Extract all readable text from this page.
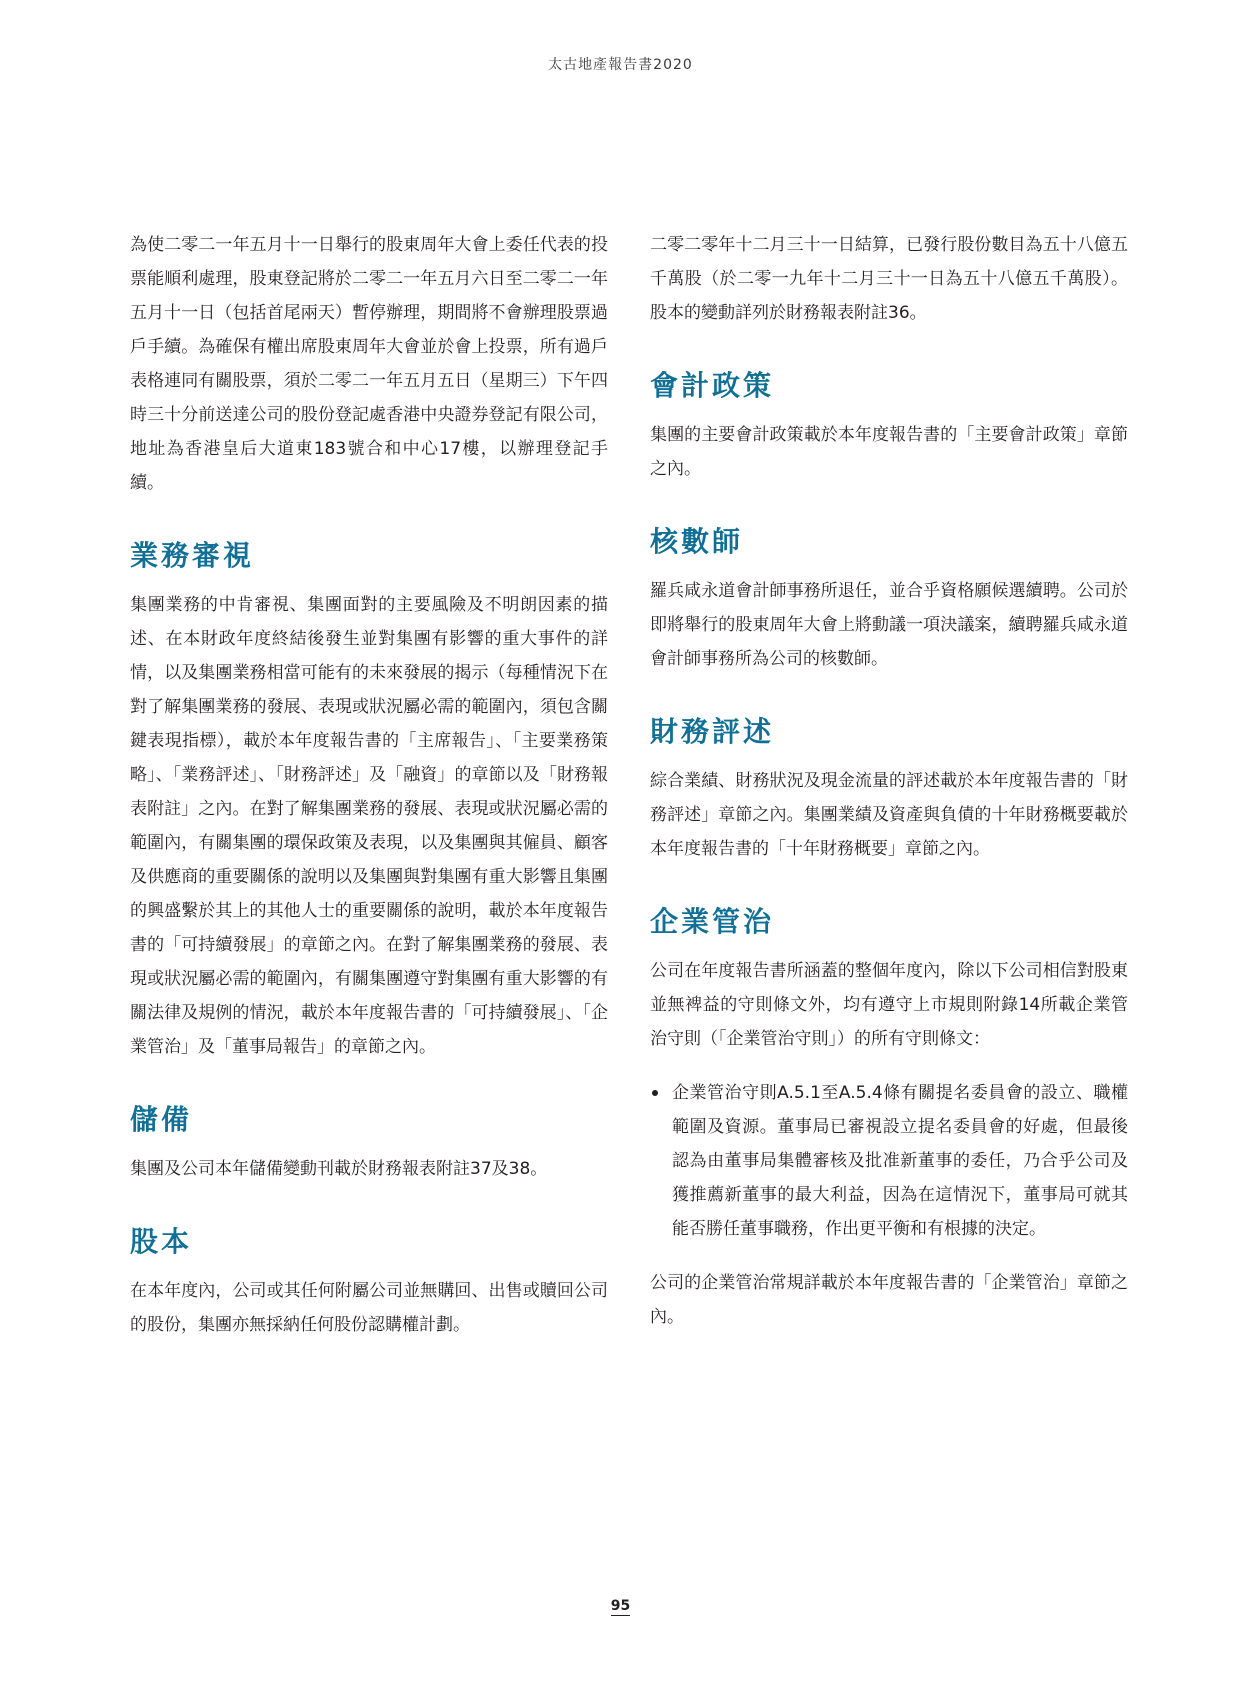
太古地產報告書2020

為使二零二一年五月十一日舉行的股東周年大會上委任代表的投票能順利處理，股東登記將於二零二一年五月六日至二零二一年五月十一日（包括首尾兩天）暫停辦理，期間將不會辦理股票過戶手續。為確保有權出席股東周年大會並於會上投票，所有過戶表格連同有關股票，須於二零二一年五月五日（星期三）下午四時三十分前送達公司的股份登記處香港中央證券登記有限公司，地址為香港皇后大道東183號合和中心17樓，以辦理登記手續。

業務審視

集團業務的中肯審視、集團面對的主要風險及不明朗因素的描述、在本財政年度終結後發生並對集團有影響的重大事件的詳情，以及集團業務相當可能有的未來發展的揭示（每種情況下在對了解集團業務的發展、表現或狀況屬必需的範圍內，須包含關鍵表現指標），載於本年度報告書的「主席報告」、「主要業務策略」、「業務評述」、「財務評述」及「融資」的章節以及「財務報表附註」之內。在對了解集團業務的發展、表現或狀況屬必需的範圍內，有關集團的環保政策及表現，以及集團與其僱員、顧客及供應商的重要關係的說明以及集團與對集團有重大影響且集團的興盛繫於其上的其他人士的重要關係的說明，載於本年度報告書的「可持續發展」的章節之內。在對了解集團業務的發展、表現或狀況屬必需的範圍內，有關集團遵守對集團有重大影響的有關法律及規例的情況，載於本年度報告書的「可持續發展」、「企業管治」及「董事局報告」的章節之內。

儲備

集團及公司本年儲備變動刊載於財務報表附註37及38。

股本

在本年度內，公司或其任何附屬公司並無購回、出售或贖回公司的股份，集團亦無採納任何股份認購權計劃。

二零二零年十二月三十一日結算，已發行股份數目為五十八億五千萬股（於二零一九年十二月三十一日為五十八億五千萬股）。股本的變動詳列於財務報表附註36。

會計政策

集團的主要會計政策載於本年度報告書的「主要會計政策」章節之內。

核數師

羅兵咸永道會計師事務所退任，並合乎資格願候選續聘。公司於即將舉行的股東周年大會上將動議一項決議案，續聘羅兵咸永道會計師事務所為公司的核數師。

財務評述

綜合業績、財務狀況及現金流量的評述載於本年度報告書的「財務評述」章節之內。集團業績及資產與負債的十年財務概要載於本年度報告書的「十年財務概要」章節之內。

企業管治

公司在年度報告書所涵蓋的整個年度內，除以下公司相信對股東並無裨益的守則條文外，均有遵守上市規則附錄14所載企業管治守則（「企業管治守則」）的所有守則條文：

企業管治守則A.5.1至A.5.4條有關提名委員會的設立、職權範圍及資源。董事局已審視設立提名委員會的好處，但最後認為由董事局集體審核及批准新董事的委任，乃合乎公司及獲推薦新董事的最大利益，因為在這情況下，董事局可就其能否勝任董事職務，作出更平衡和有根據的決定。

公司的企業管治常規詳載於本年度報告書的「企業管治」章節之內。

95
